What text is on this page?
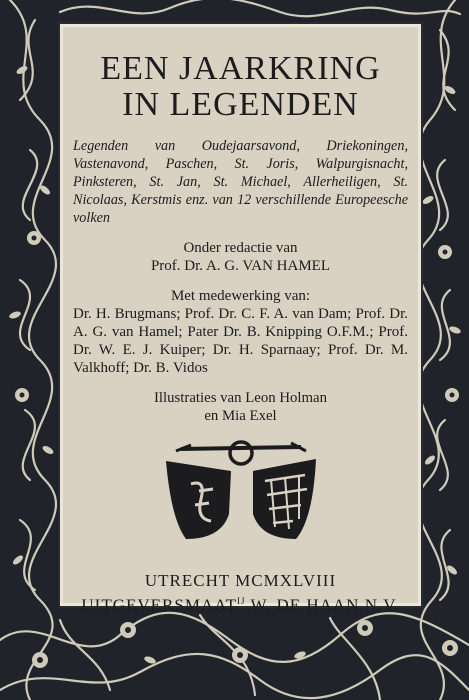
EEN JAARKRING
IN LEGENDEN
Legenden van Oudejaarsavond, Driekoningen, Vastenavond, Paschen, St. Joris, Walpurgisnacht, Pinksteren, St. Jan, St. Michael, Allerheiligen, St. Nicolaas, Kerstmis enz. van 12 verschillende Europeesche volken
Onder redactie van
Prof. Dr. A. G. VAN HAMEL
Met medewerking van:
Dr. H. Brugmans; Prof. Dr. C. F. A. van Dam; Prof. Dr. A. G. van Hamel; Pater Dr. B. Knipping O.F.M.; Prof. Dr. W. E. J. Kuiper; Dr. H. Sparnaay; Prof. Dr. M. Valkhoff; Dr. B. Vidos
Illustraties van Leon Holman
en Mia Exel
UTRECHT MCMXLVIII
$UITGEVERSMAAT^{IJ}$ W. DE HAAN N.V.
